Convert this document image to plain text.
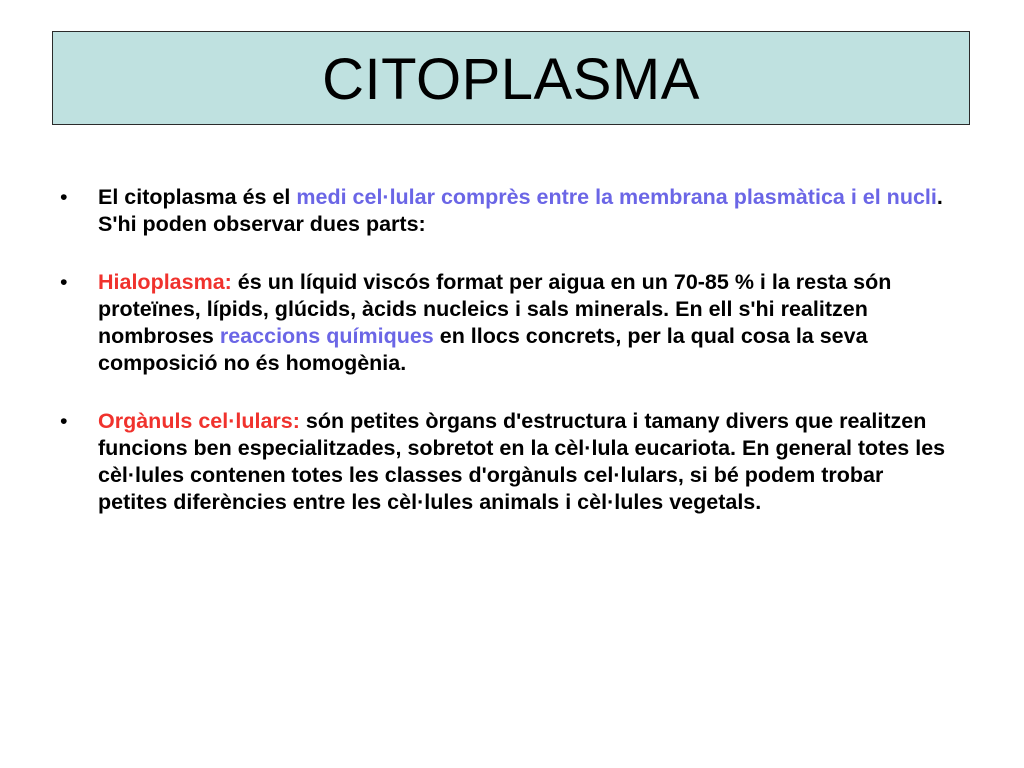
CITOPLASMA
• El citoplasma és el medi cel·lular comprès entre la membrana plasmàtica i el nucli. S'hi poden observar dues parts:
• Hialoplasma: és un líquid viscós format per aigua en un 70-85 % i la resta són proteïnes, lípids, glúcids, àcids nucleics i sals minerals. En ell s'hi realitzen nombroses reaccions químiques en llocs concrets, per la qual cosa la seva composició no és homogènia.
• Orgànuls cel·lulars: són petites òrgans d'estructura i tamany divers que realitzen funcions ben especialitzades, sobretot en la cèl·lula eucariota. En general totes les cèl·lules contenen totes les classes d'orgànuls cel·lulars, si bé podem trobar petites diferències entre les cèl·lules animals i cèl·lules vegetals.
